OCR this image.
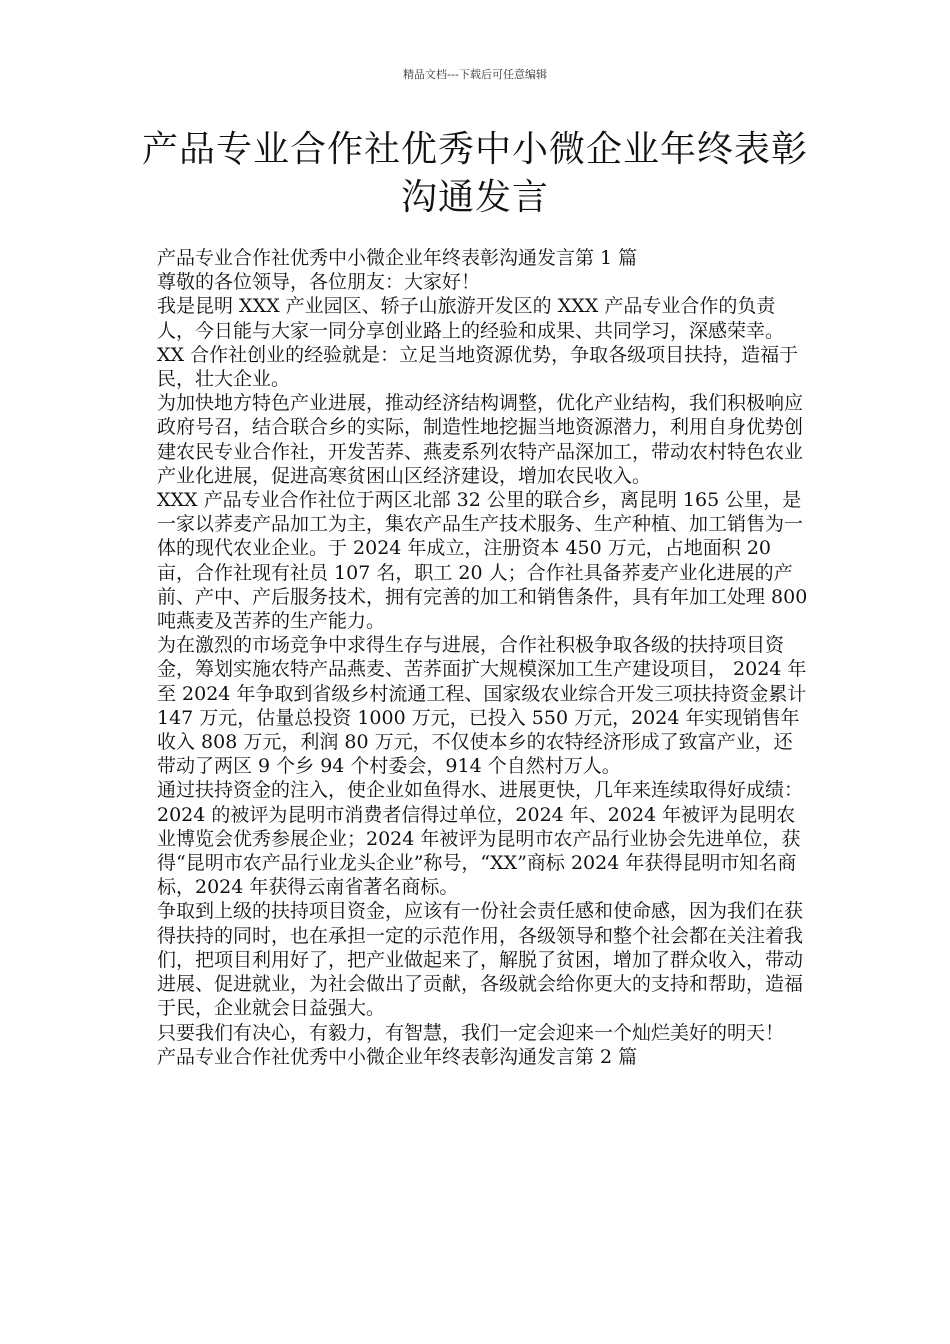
精品文档---下载后可任意编辑
产品专业合作社优秀中小微企业年终表彰沟通发言

产品专业合作社优秀中小微企业年终表彰沟通发言第 1 篇

尊敬的各位领导，各位朋友：大家好！

我是昆明 XXX 产业园区、轿子山旅游开发区的 XXX 产品专业合作的负责人，今日能与大家一同分享创业路上的经验和成果、共同学习，深感荣幸。XX 合作社创业的经验就是：立足当地资源优势，争取各级项目扶持，造福于民，壮大企业。

为加快地方特色产业进展，推动经济结构调整，优化产业结构，我们积极响应政府号召，结合联合乡的实际，制造性地挖掘当地资源潜力，利用自身优势创建农民专业合作社，开发苦荞、燕麦系列农特产品深加工，带动农村特色农业产业化进展，促进高寒贫困山区经济建设，增加农民收入。

XXX 产品专业合作社位于两区北部 32 公里的联合乡，离昆明 165 公里，是一家以荞麦产品加工为主，集农产品生产技术服务、生产种植、加工销售为一体的现代农业企业。于 2024 年成立，注册资本 450 万元，占地面积 20 亩，合作社现有社员 107 名，职工 20 人；合作社具备荞麦产业化进展的产前、产中、产后服务技术，拥有完善的加工和销售条件，具有年加工处理 800 吨燕麦及苦荞的生产能力。

为在激烈的市场竞争中求得生存与进展，合作社积极争取各级的扶持项目资金，筹划实施农特产品燕麦、苦荞面扩大规模深加工生产建设项目， 2024 年至 2024 年争取到省级乡村流通工程、国家级农业综合开发三项扶持资金累计 147 万元，估量总投资 1000 万元，已投入 550 万元，2024 年实现销售年收入 808 万元，利润 80 万元，不仅使本乡的农特经济形成了致富产业，还带动了两区 9 个乡 94 个村委会，914 个自然村万人。

通过扶持资金的注入，使企业如鱼得水、进展更快，几年来连续取得好成绩：2024 的被评为昆明市消费者信得过单位，2024 年、2024 年被评为昆明农业博览会优秀参展企业；2024 年被评为昆明市农产品行业协会先进单位，获得“昆明市农产品行业龙头企业”称号，“XX”商标 2024 年获得昆明市知名商标，2024 年获得云南省著名商标。

争取到上级的扶持项目资金，应该有一份社会责任感和使命感，因为我们在获得扶持的同时，也在承担一定的示范作用，各级领导和整个社会都在关注着我们，把项目利用好了，把产业做起来了，解脱了贫困，增加了群众收入，带动进展、促进就业，为社会做出了贡献，各级就会给你更大的支持和帮助，造福于民，企业就会日益强大。

只要我们有决心，有毅力，有智慧，我们一定会迎来一个灿烂美好的明天！

产品专业合作社优秀中小微企业年终表彰沟通发言第 2 篇
